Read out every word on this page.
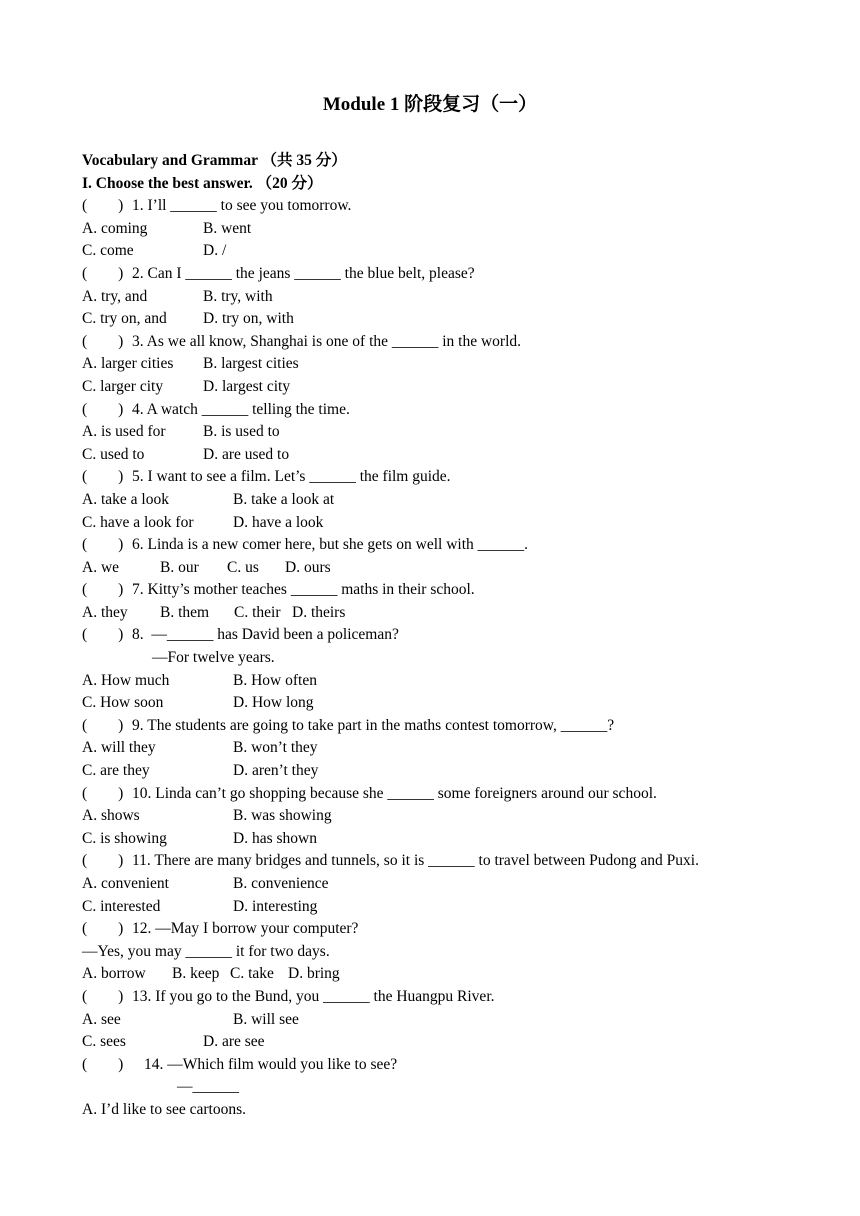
Module 1 阶段复习（一）
Vocabulary and Grammar （共 35 分）
I. Choose the best answer. （20 分）
(        ) 1. I’ll ______ to see you tomorrow.
A. coming	B. went
C. come	D. /
(        ) 2. Can I ______ the jeans ______ the blue belt, please?
A. try, and	B. try, with
C. try on, and D. try on, with
(        ) 3. As we all know, Shanghai is one of the ______ in the world.
A. larger cities B. largest cities
C. larger city	D. largest city
(        ) 4. A watch ______ telling the time.
A. is used for B. is used to
C. used to	D. are used to
(        ) 5. I want to see a film. Let’s ______ the film guide.
A. take a look	B. take a look at
C. have a look for	D. have a look
(        ) 6. Linda is a new comer here, but she gets on well with ______.
A. we	B. our C. us D. ours
(        ) 7. Kitty’s mother teaches ______ maths in their school.
A. they B. them C. their D. theirs
(        ) 8.  —______ has David been a policeman?
—For twelve years.
A. How much	B. How often
C. How soon	D. How long
(        ) 9. The students are going to take part in the maths contest tomorrow, ______?
A. will they	B. won’t they
C. are they	D. aren’t they
(        ) 10. Linda can’t go shopping because she ______ some foreigners around our school.
A. shows	B. was showing
C. is showing	D. has shown
(        ) 11. There are many bridges and tunnels, so it is ______ to travel between Pudong and Puxi.
A. convenient	B. convenience
C. interested	D. interesting
(        ) 12. —May I borrow your computer?
—Yes, you may ______ it for two days.
A. borrow B. keep C. take D. bring
(        ) 13. If you go to the Bund, you ______ the Huangpu River.
A. see	B. will see
C. sees	D. are see
(        ) 14. —Which film would you like to see?
—______
A. I’d like to see cartoons.
